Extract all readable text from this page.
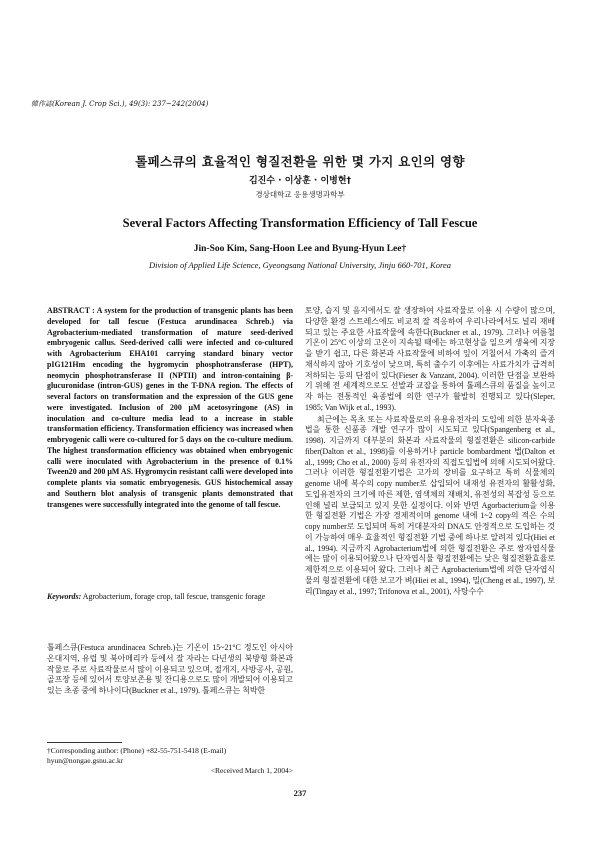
韓作誌(Korean J. Crop Sci.), 49(3): 237~242(2004)
톨페스큐의 효율적인 형질전환을 위한 몇 가지 요인의 영향
김진수 · 이상훈 · 이병현†
경상대학교 응용생명과학부
Several Factors Affecting Transformation Efficiency of Tall Fescue
Jin-Soo Kim, Sang-Hoon Lee and Byung-Hyun Lee†
Division of Applied Life Science, Gyeongsang National University, Jinju 660-701, Korea
ABSTRACT : A system for the production of transgenic plants has been developed for tall fescue (Festuca arundinacea Schreb.) via Agrobacterium-mediated transformation of mature seed-derived embryogenic callus. Seed-derived calli were infected and co-cultured with Agrobacterium EHA101 carrying standard binary vector pIG121Hm encoding the hygromycin phosphotransferase (HPT), neomycin phosphotransferase II (NPTII) and intron-containing β-glucuronidase (intron-GUS) genes in the T-DNA region. The effects of several factors on transformation and the expression of the GUS gene were investigated. Inclusion of 200 μM acetosyringone (AS) in inoculation and co-culture media lead to a increase in stable transformation efficiency. Transformation efficiency was increased when embryogenic calli were co-cultured for 5 days on the co-culture medium. The highest transformation efficiency was obtained when embryogenic calli were inoculated with Agrobacterium in the presence of 0.1% Tween20 and 200 μM AS. Hygromycin resistant calli were developed into complete plants via somatic embryogenesis. GUS histochemical assay and Southern blot analysis of transgenic plants demonstrated that transgenes were successfully integrated into the genome of tall fescue.
Keywords: Agrobacterium, forage crop, tall fescue, transgenic forage
톨페스큐(Festuca arundinacea Schreb.)는 기온이 15~21°C 정도인 아시아 온대지역, 유럽 및 북아메리카 등에서 잘 자라는 다년생의 북방형 화본과 작물로 주로 사료작물로서 많이 이용되고 있으며, 절개지, 사방공사, 공원, 골프장 등에 있어서 토양보존용 및 잔디용으로도 많이 개발되어 이용되고 있는 초종 중에 하나이다(Buckner et al., 1979). 톨페스큐는 척박한

토양, 습지 및 음지에서도 잘 생장하여 사료작물로 이용 시 수량이 많으며, 다양한 환경 스트레스에도 비교적 잘 적응하여 우리나라에서도 널리 재배되고 있는 주요한 사료작물에 속한다(Buckner et al., 1979). 그러나 여름철 기온이 25°C 이상의 고온이 지속될 때에는 하고현상을 일으켜 생육에 지장을 받기 쉽고, 다른 화본과 사료작물에 비하여 잎이 거칠어서 가축의 즐겨 채식하지 않아 기호성이 낮으며, 특히 출수기 이후에는 사료가치가 급격히 저하되는 등의 단점이 있다(Fieser & Vanzant, 2004). 이러한 단점을 보완하기 위해 전 세계적으로도 선발과 교잡을 통하여 톨페스큐의 품질을 높이고자 하는 전통적인 육종법에 의한 연구가 활발히 진행되고 있다(Sleper, 1985; Van Wijk et al., 1993).

최근에는 목초 또는 사료작물로의 유용유전자의 도입에 의한 분자육종법을 통한 신품종 개발 연구가 많이 시도되고 있다(Spangenberg et al., 1998). 지금까지 대부분의 화본과 사료작물의 형질전환은 silicon-carbide fiber(Dalton et al., 1998)를 이용하거나 particle bombardment 법(Dalton et al., 1999; Cho et al., 2000) 등의 유전자의 직접도입법에 의해 시도되어왔다. 그러나 이러한 형질전환기법은 고가의 장비를 요구하고 특히 식물체의 genome 내에 복수의 copy number로 삽입되어 내재성 유전자의 활활성화, 도입유전자의 크기에 따른 제한, 염색체의 재배치, 유전성의 복잡성 등으로 인해 널리 보급되고 있지 못한 실정이다. 이와 반면 Agorbacterium을 이용한 형질전환 기법은 가장 경제적이며 genome 내에 1~2 copy의 적은 수의 copy number로 도입되며 특히 거대분자의 DNA도 안정적으로 도입하는 것이 가능하여 매우 효율적인 형질전환 기법 중에 하나로 알려져 있다(Hiei et al., 1994). 지금까지 Agrobacterium법에 의한 형질전환은 주로 쌍자엽식물에는 많이 이용되어왔으나 단자엽식물 형질전환에는 낮은 형질전환효율로 제한적으로 이용되어 왔다. 그러나 최근 Agrobacterium법에 의한 단자엽식물의 형질전환에 대한 보고가 벼(Hiei et al., 1994), 밀(Cheng et al., 1997), 보리(Tingay et al., 1997; Trifonova et al., 2001), 사탕수수

†Corresponding author: (Phone) +82-55-751-5418 (E-mail) hyun@nongae.gsnu.ac.kr
<Received March 1, 2004>
237
